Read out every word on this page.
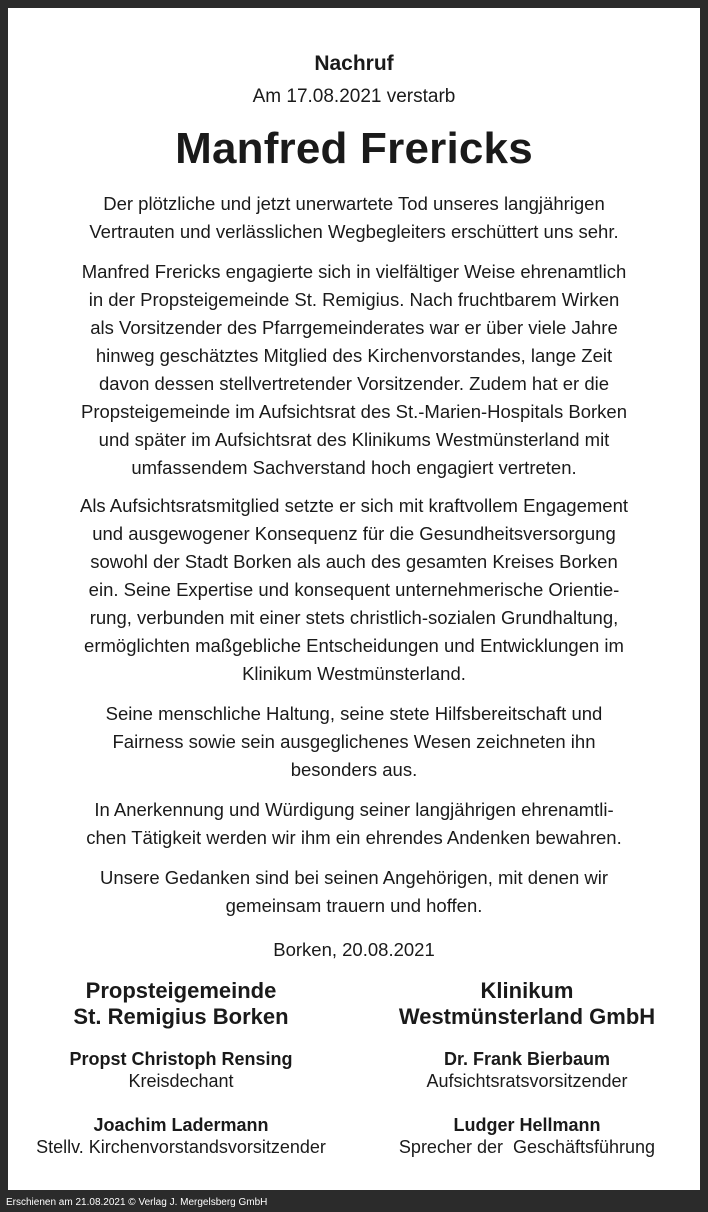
Nachruf
Am 17.08.2021 verstarb
Manfred Frericks

Der plötzliche und jetzt unerwartete Tod unseres langjährigen
Vertrauten und verlässlichen Wegbegleiters erschüttert uns sehr.

Manfred Frericks engagierte sich in vielfältiger Weise ehrenamtlich
in der Propsteigemeinde St. Remigius. Nach fruchtbarem Wirken
als Vorsitzender des Pfarrgemeinderates war er über viele Jahre
hinweg geschätztes Mitglied des Kirchenvorstandes, lange Zeit
davon dessen stellvertretender Vorsitzender. Zudem hat er die
Propsteigemeinde im Aufsichtsrat des St.-Marien-Hospitals Borken
und später im Aufsichtsrat des Klinikums Westmünsterland mit
umfassendem Sachverstand hoch engagiert vertreten.

Als Aufsichtsratsmitglied setzte er sich mit kraftvollem Engagement
und ausgewogener Konsequenz für die Gesundheitsversorgung
sowohl der Stadt Borken als auch des gesamten Kreises Borken
ein. Seine Expertise und konsequent unternehmerische Orientie-
rung, verbunden mit einer stets christlich-sozialen Grundhaltung,
ermöglichten maßgebliche Entscheidungen und Entwicklungen im
Klinikum Westmünsterland.

Seine menschliche Haltung, seine stete Hilfsbereitschaft und
Fairness sowie sein ausgeglichenes Wesen zeichneten ihn
besonders aus.

In Anerkennung und Würdigung seiner langjährigen ehrenamtli-
chen Tätigkeit werden wir ihm ein ehrendes Andenken bewahren.

Unsere Gedanken sind bei seinen Angehörigen, mit denen wir
gemeinsam trauern und hoffen.

Borken, 20.08.2021
Propsteigemeinde
St. Remigius Borken
Propst Christoph Rensing
Kreisdechant
Joachim Ladermann
Stellv. Kirchenvorstandsvorsitzender
Klinikum
Westmünsterland GmbH
Dr. Frank Bierbaum
Aufsichtsratsvorsitzender
Ludger Hellmann
Sprecher der  Geschäftsführung
Erschienen am 21.08.2021 © Verlag J. Mergelsberg GmbH
